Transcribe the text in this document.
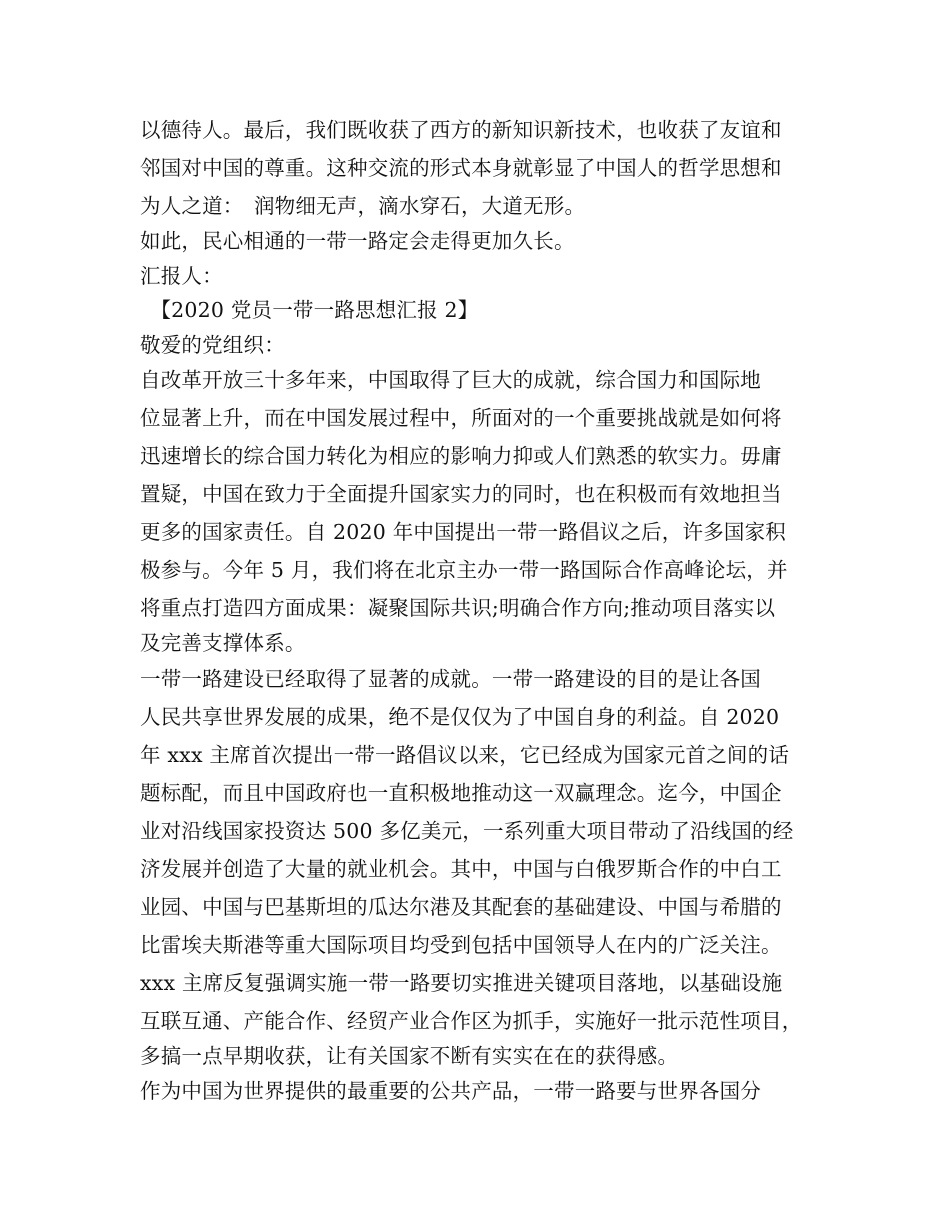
以德待人。最后，我们既收获了西方的新知识新技术，也收获了友谊和
邻国对中国的尊重。这种交流的形式本身就彰显了中国人的哲学思想和
为人之道：　润物细无声，滴水穿石，大道无形。
如此，民心相通的一带一路定会走得更加久长。
汇报人：
　【2020 党员一带一路思想汇报 2】
敬爱的党组织：
自改革开放三十多年来，中国取得了巨大的成就，综合国力和国际地
位显著上升，而在中国发展过程中，所面对的一个重要挑战就是如何将
迅速增长的综合国力转化为相应的影响力抑或人们熟悉的软实力。毋庸
置疑，中国在致力于全面提升国家实力的同时，也在积极而有效地担当
更多的国家责任。自 2020 年中国提出一带一路倡议之后，许多国家积
极参与。今年 5 月，我们将在北京主办一带一路国际合作高峰论坛，并
将重点打造四方面成果：凝聚国际共识;明确合作方向;推动项目落实以
及完善支撑体系。
一带一路建设已经取得了显著的成就。一带一路建设的目的是让各国
人民共享世界发展的成果，绝不是仅仅为了中国自身的利益。自 2020
年 xxx 主席首次提出一带一路倡议以来，它已经成为国家元首之间的话
题标配，而且中国政府也一直积极地推动这一双赢理念。迄今，中国企
业对沿线国家投资达 500 多亿美元，一系列重大项目带动了沿线国的经
济发展并创造了大量的就业机会。其中，中国与白俄罗斯合作的中白工
业园、中国与巴基斯坦的瓜达尔港及其配套的基础建设、中国与希腊的
比雷埃夫斯港等重大国际项目均受到包括中国领导人在内的广泛关注。
xxx 主席反复强调实施一带一路要切实推进关键项目落地，以基础设施
互联互通、产能合作、经贸产业合作区为抓手，实施好一批示范性项目，
多搞一点早期收获，让有关国家不断有实实在在的获得感。
作为中国为世界提供的最重要的公共产品，一带一路要与世界各国分
